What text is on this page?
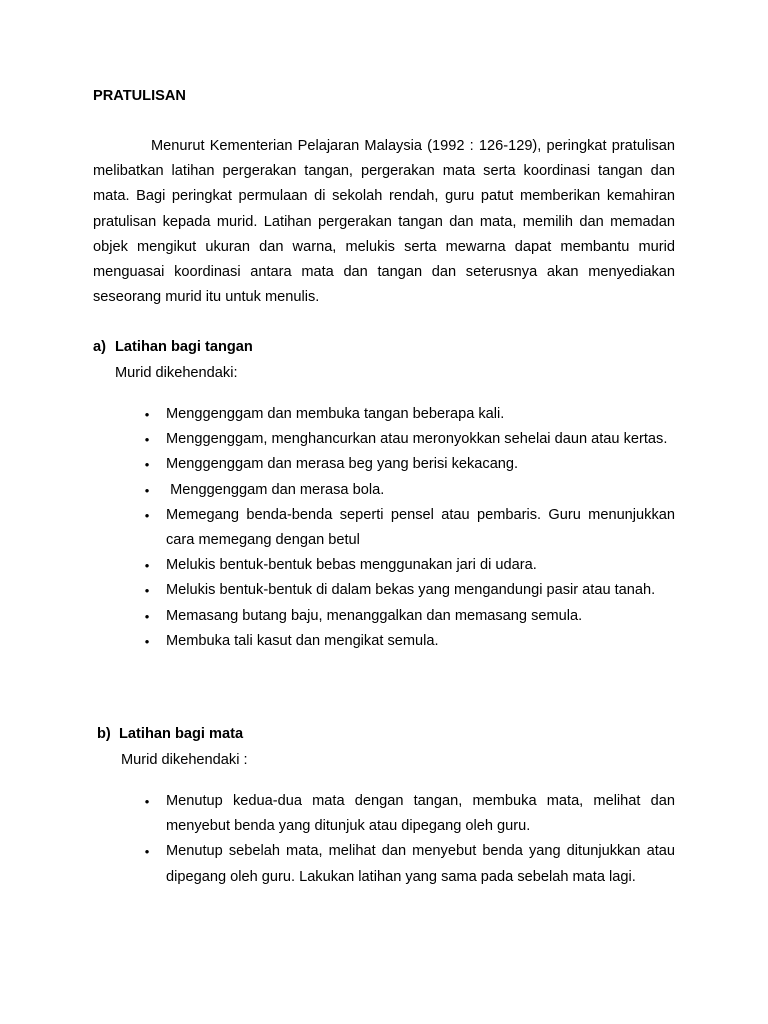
PRATULISAN

Menurut Kementerian Pelajaran Malaysia (1992 : 126-129), peringkat pratulisan melibatkan latihan pergerakan tangan, pergerakan mata serta koordinasi tangan dan mata. Bagi peringkat permulaan di sekolah rendah, guru patut memberikan kemahiran pratulisan kepada murid. Latihan pergerakan tangan dan mata, memilih dan memadan objek mengikut ukuran dan warna, melukis serta mewarna dapat membantu murid menguasai koordinasi antara mata dan tangan dan seterusnya akan menyediakan seseorang murid itu untuk menulis.

a) Latihan bagi tangan

Murid dikehendaki:

• Menggenggam dan membuka tangan beberapa kali.
• Menggenggam, menghancurkan atau meronyokkan sehelai daun atau kertas.
• Menggenggam dan merasa beg yang berisi kekacang.
• Menggenggam dan merasa bola.
• Memegang benda-benda seperti pensel atau pembaris. Guru menunjukkan cara memegang dengan betul
• Melukis bentuk-bentuk bebas menggunakan jari di udara.
• Melukis bentuk-bentuk di dalam bekas yang mengandungi pasir atau tanah.
• Memasang butang baju, menanggalkan dan memasang semula.
• Membuka tali kasut dan mengikat semula.

b) Latihan bagi mata

Murid dikehendaki :

• Menutup kedua-dua mata dengan tangan, membuka mata, melihat dan menyebut benda yang ditunjuk atau dipegang oleh guru.
• Menutup sebelah mata, melihat dan menyebut benda yang ditunjukkan atau dipegang oleh guru. Lakukan latihan yang sama pada sebelah mata lagi.
